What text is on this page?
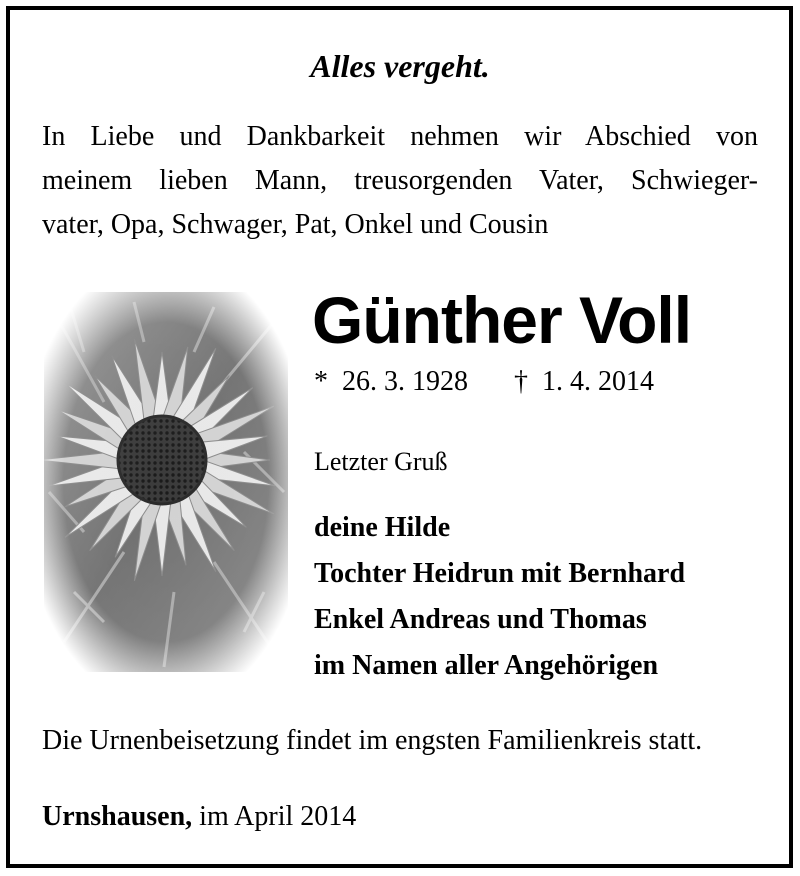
Alles vergeht.
In Liebe und Dankbarkeit nehmen wir Abschied von
meinem lieben Mann, treusorgenden Vater, Schwieger-
vater, Opa, Schwager, Pat, Onkel und Cousin
Günther Voll
* 26. 3. 1928 † 1. 4. 2014
Letzter Gruß
deine Hilde
Tochter Heidrun mit Bernhard
Enkel Andreas und Thomas
im Namen aller Angehörigen
Die Urnenbeisetzung findet im engsten Familienkreis statt.
Urnshausen, im April 2014
